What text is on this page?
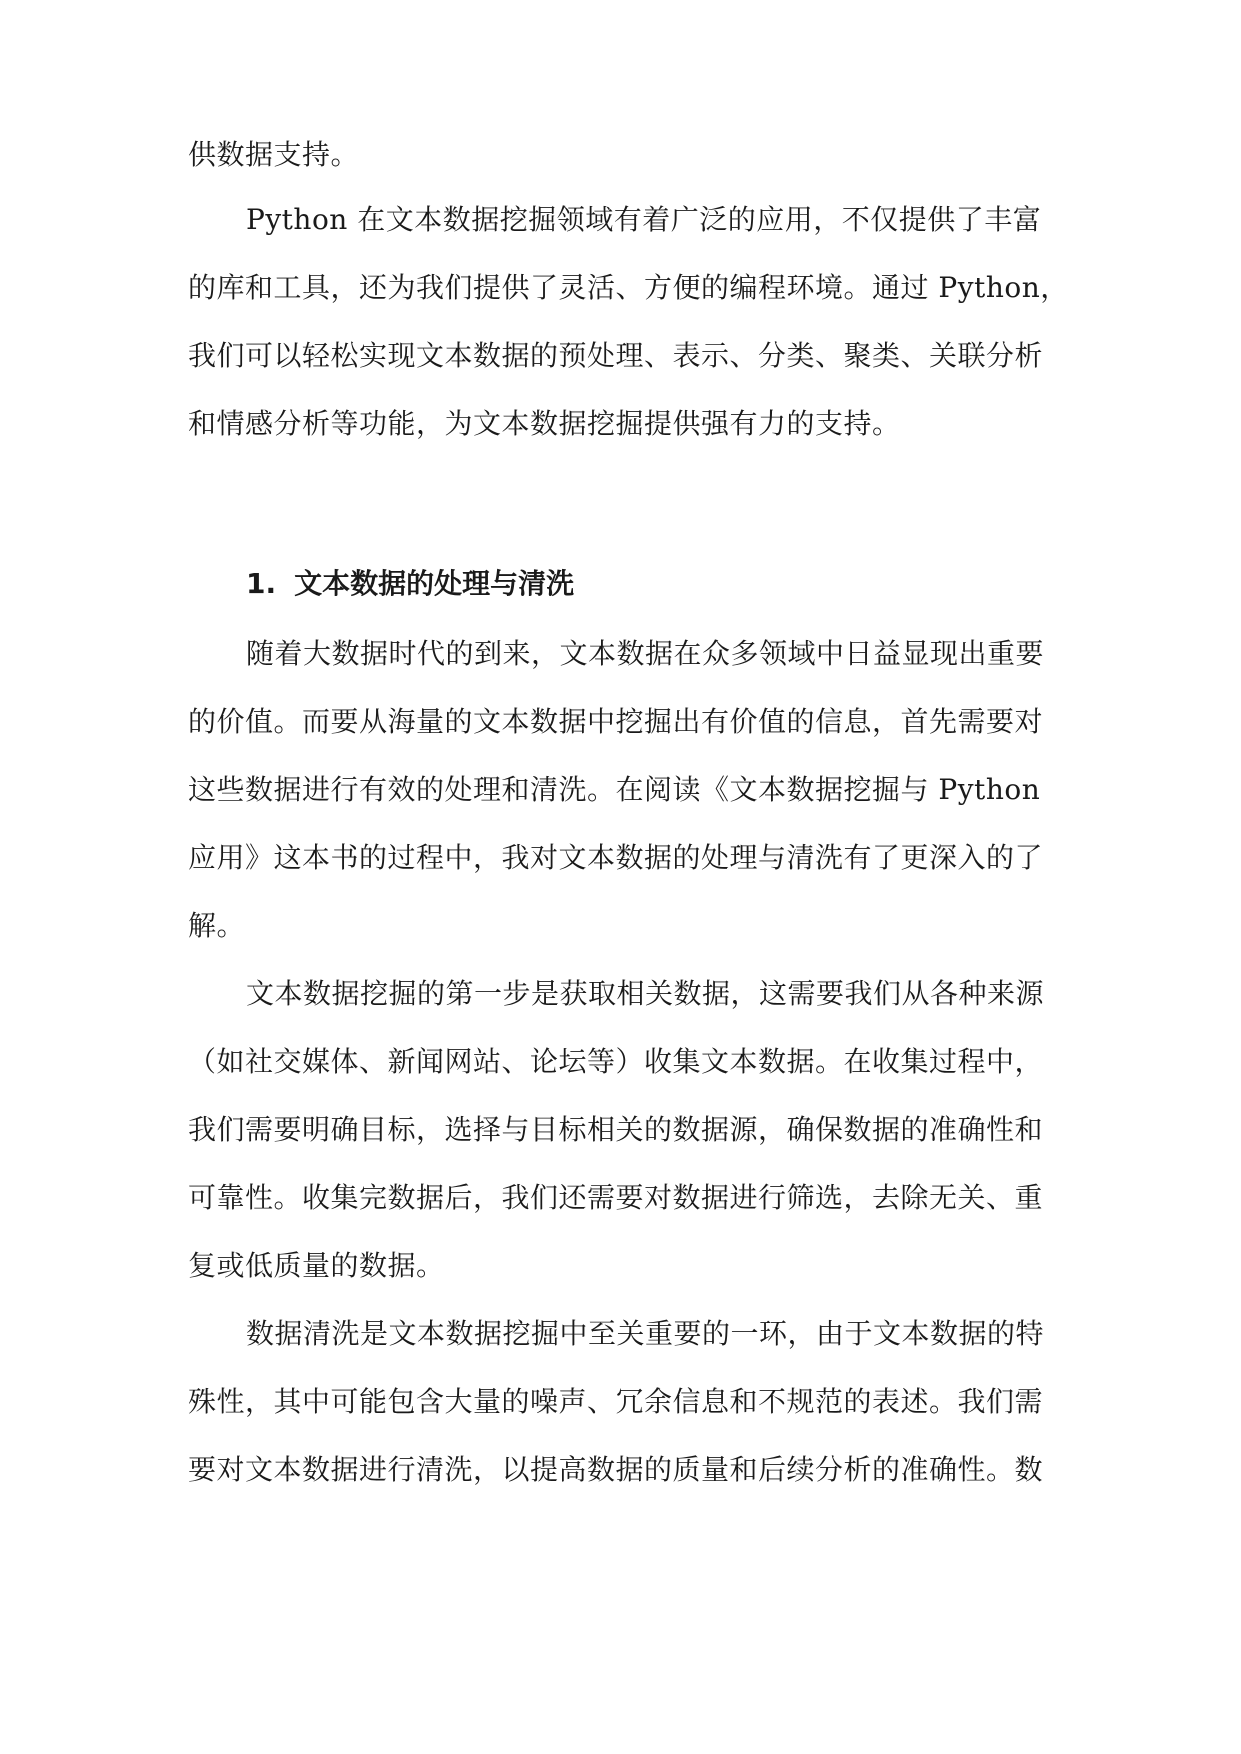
供数据支持。
Python 在文本数据挖掘领域有着广泛的应用，不仅提供了丰富
的库和工具，还为我们提供了灵活、方便的编程环境。通过 Python，
我们可以轻松实现文本数据的预处理、表示、分类、聚类、关联分析
和情感分析等功能，为文本数据挖掘提供强有力的支持。
1. 文本数据的处理与清洗
随着大数据时代的到来，文本数据在众多领域中日益显现出重要
的价值。而要从海量的文本数据中挖掘出有价值的信息，首先需要对
这些数据进行有效的处理和清洗。在阅读《文本数据挖掘与 Python
应用》这本书的过程中，我对文本数据的处理与清洗有了更深入的了
解。
文本数据挖掘的第一步是获取相关数据，这需要我们从各种来源
（如社交媒体、新闻网站、论坛等）收集文本数据。在收集过程中，
我们需要明确目标，选择与目标相关的数据源，确保数据的准确性和
可靠性。收集完数据后，我们还需要对数据进行筛选，去除无关、重
复或低质量的数据。
数据清洗是文本数据挖掘中至关重要的一环，由于文本数据的特
殊性，其中可能包含大量的噪声、冗余信息和不规范的表述。我们需
要对文本数据进行清洗，以提高数据的质量和后续分析的准确性。数
